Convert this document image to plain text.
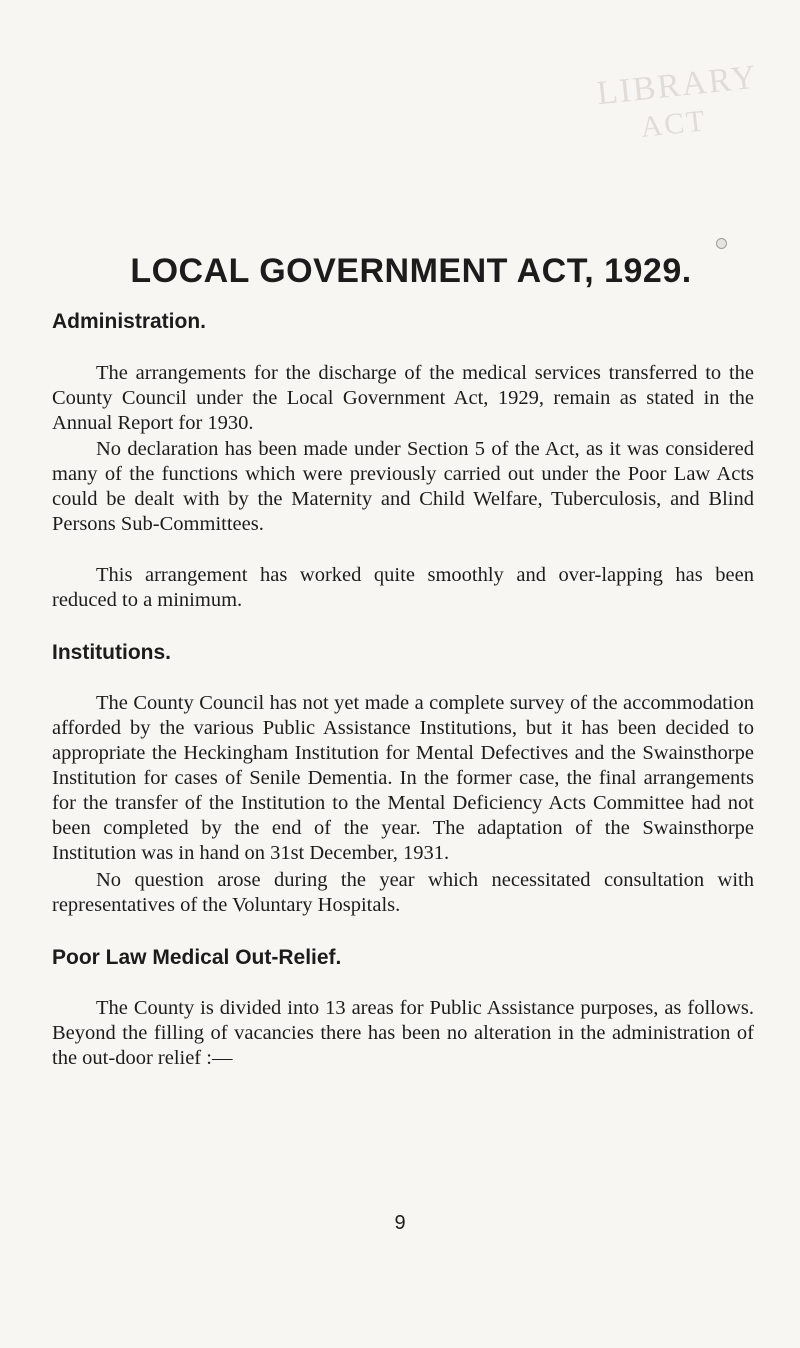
LIBRARY
ACT
LOCAL GOVERNMENT ACT, 1929.
Administration.

The arrangements for the discharge of the medical services transferred to the County Council under the Local Government Act, 1929, remain as stated in the Annual Report for 1930.

No declaration has been made under Section 5 of the Act, as it was considered many of the functions which were previously carried out under the Poor Law Acts could be dealt with by the Maternity and Child Welfare, Tuberculosis, and Blind Persons Sub-Committees.

This arrangement has worked quite smoothly and over-lapping has been reduced to a minimum.

Institutions.

The County Council has not yet made a complete survey of the accommodation afforded by the various Public Assistance Institutions, but it has been decided to appropriate the Heckingham Institution for Mental Defectives and the Swainsthorpe Institution for cases of Senile Dementia. In the former case, the final arrangements for the transfer of the Institution to the Mental Deficiency Acts Committee had not been completed by the end of the year. The adaptation of the Swainsthorpe Institution was in hand on 31st December, 1931.

No question arose during the year which necessitated consultation with representatives of the Voluntary Hospitals.

Poor Law Medical Out-Relief.

The County is divided into 13 areas for Public Assistance purposes, as follows. Beyond the filling of vacancies there has been no alteration in the administration of the out-door relief :—

9
